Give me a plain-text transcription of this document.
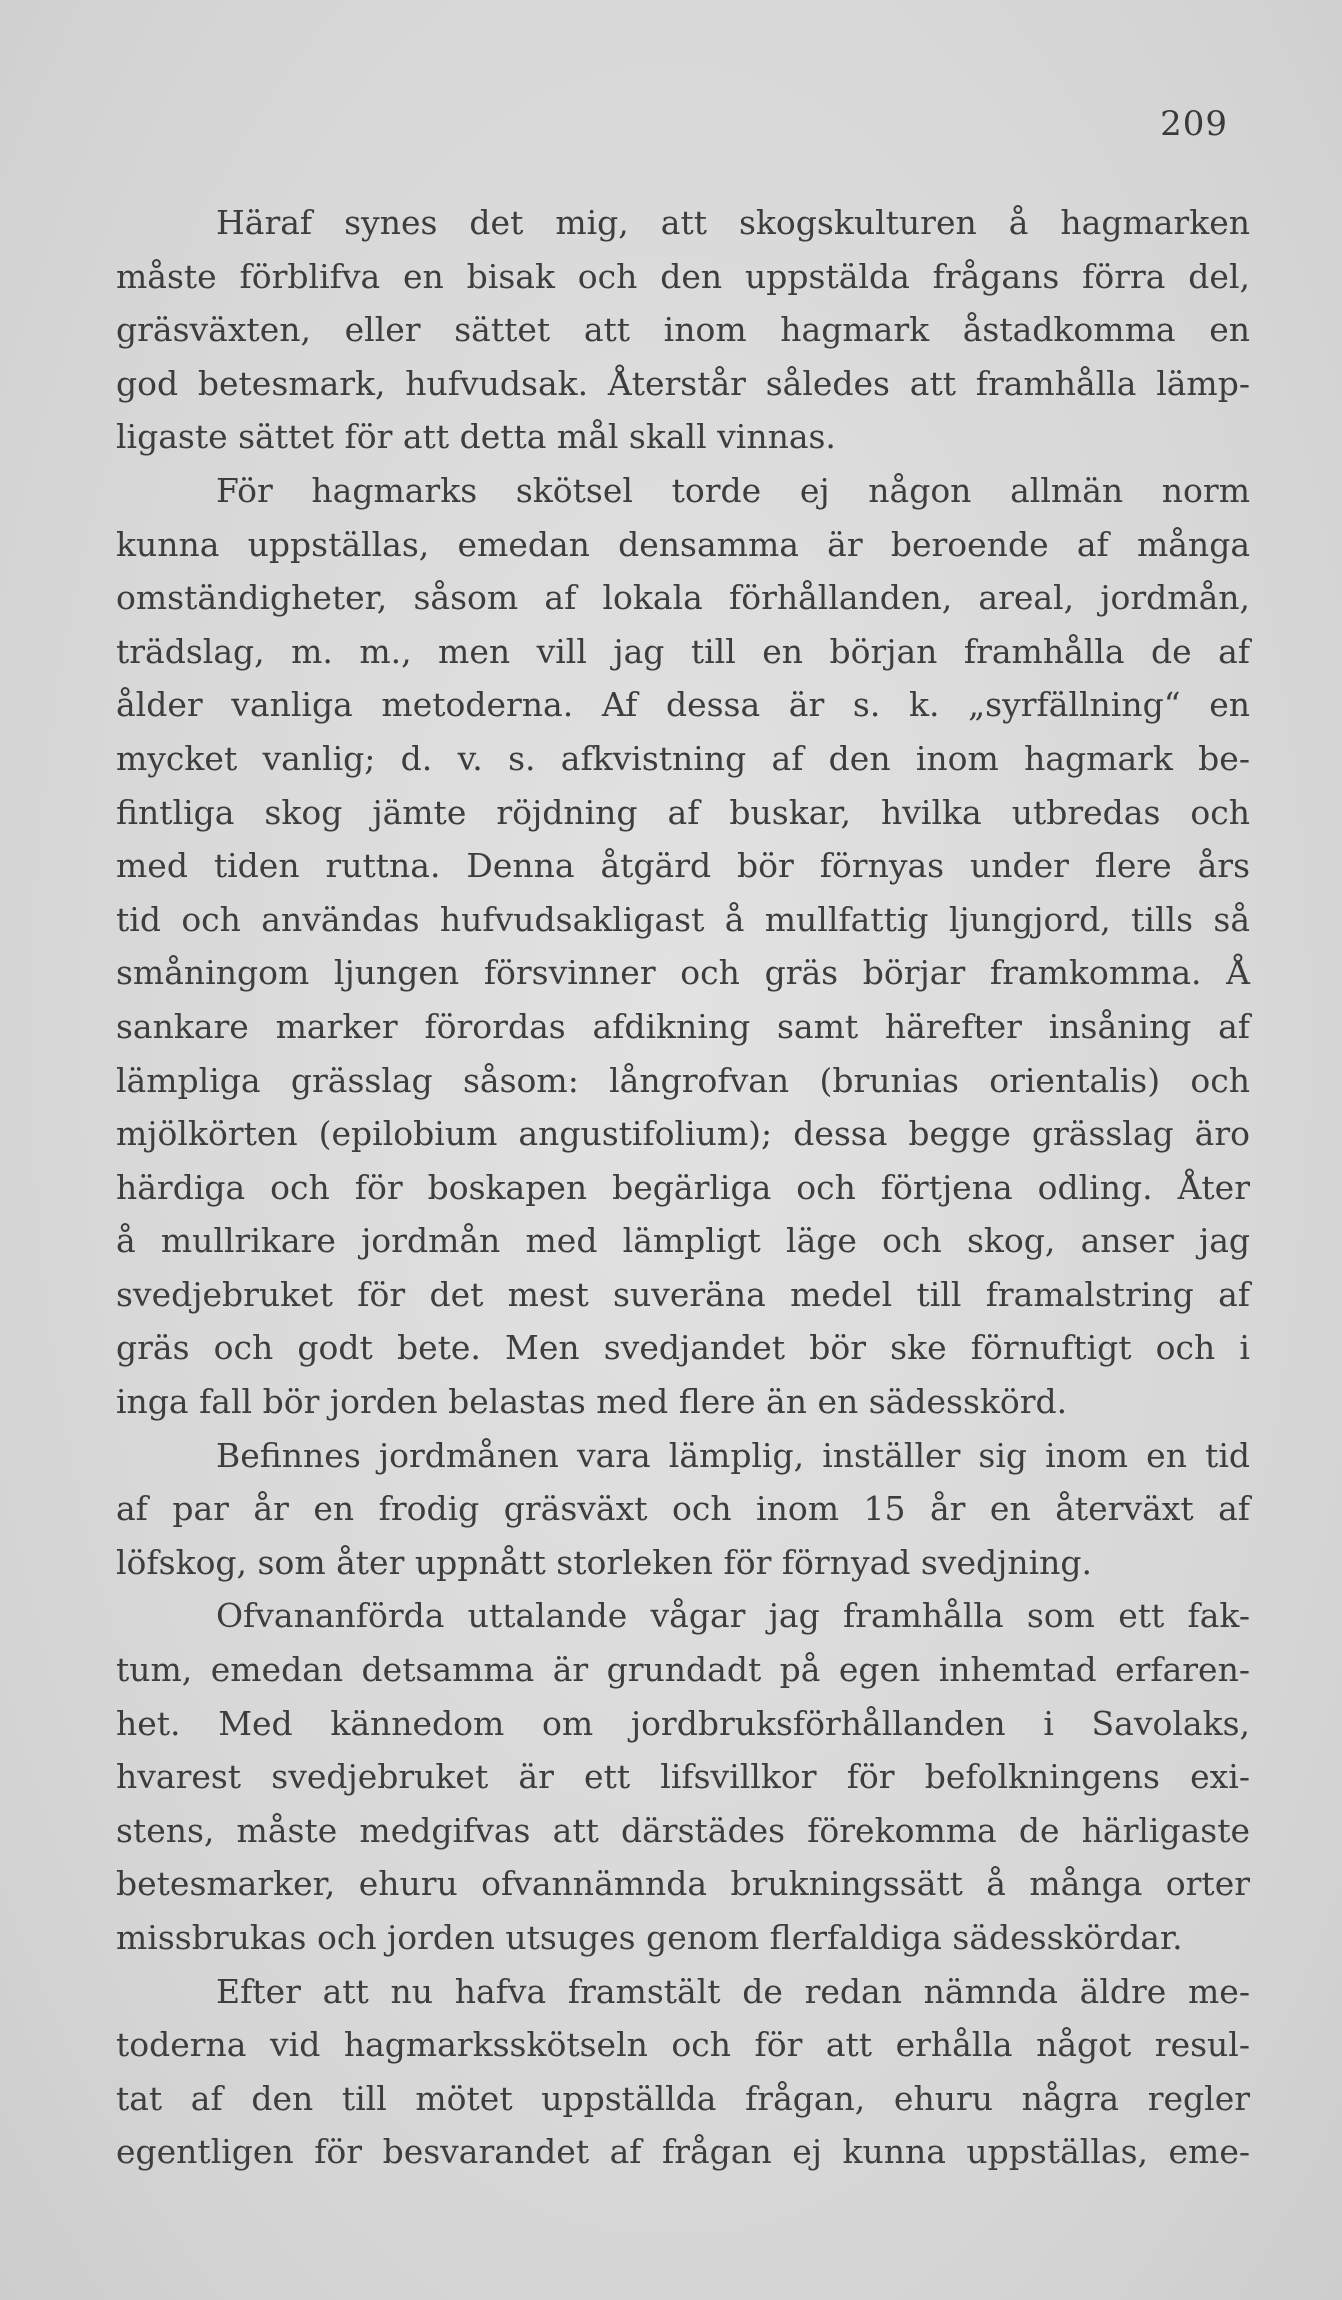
209

Häraf synes det mig, att skogskulturen å hagmarken
måste förblifva en bisak och den uppstälda frågans förra del,
gräsväxten, eller sättet att inom hagmark åstadkomma en
god betesmark, hufvudsak. Återstår således att framhålla lämp-
ligaste sättet för att detta mål skall vinnas.

För hagmarks skötsel torde ej någon allmän norm
kunna uppställas, emedan densamma är beroende af många
omständigheter, såsom af lokala förhållanden, areal, jordmån,
trädslag, m. m., men vill jag till en början framhålla de af
ålder vanliga metoderna. Af dessa är s. k. „syrfällning“ en
mycket vanlig; d. v. s. afkvistning af den inom hagmark be-
fintliga skog jämte röjdning af buskar, hvilka utbredas och
med tiden ruttna. Denna åtgärd bör förnyas under flere års
tid och användas hufvudsakligast å mullfattig ljungjord, tills så
småningom ljungen försvinner och gräs börjar framkomma. Å
sankare marker förordas afdikning samt härefter insåning af
lämpliga grässlag såsom: långrofvan (brunias orientalis) och
mjölkörten (epilobium angustifolium); dessa begge grässlag äro
härdiga och för boskapen begärliga och förtjena odling. Åter
å mullrikare jordmån med lämpligt läge och skog, anser jag
svedjebruket för det mest suveräna medel till framalstring af
gräs och godt bete. Men svedjandet bör ske förnuftigt och i
inga fall bör jorden belastas med flere än en sädesskörd.

Befinnes jordmånen vara lämplig, inställer sig inom en tid
af par år en frodig gräsväxt och inom 15 år en återväxt af
löfskog, som åter uppnått storleken för förnyad svedjning.

Ofvananförda uttalande vågar jag framhålla som ett fak-
tum, emedan detsamma är grundadt på egen inhemtad erfaren-
het. Med kännedom om jordbruksförhållanden i Savolaks,
hvarest svedjebruket är ett lifsvillkor för befolkningens exi-
stens, måste medgifvas att därstädes förekomma de härligaste
betesmarker, ehuru ofvannämnda brukningssätt å många orter
missbrukas och jorden utsuges genom flerfaldiga sädesskördar.

Efter att nu hafva framstält de redan nämnda äldre me-
toderna vid hagmarksskötseln och för att erhålla något resul-
tat af den till mötet uppställda frågan, ehuru några regler
egentligen för besvarandet af frågan ej kunna uppställas, eme-
